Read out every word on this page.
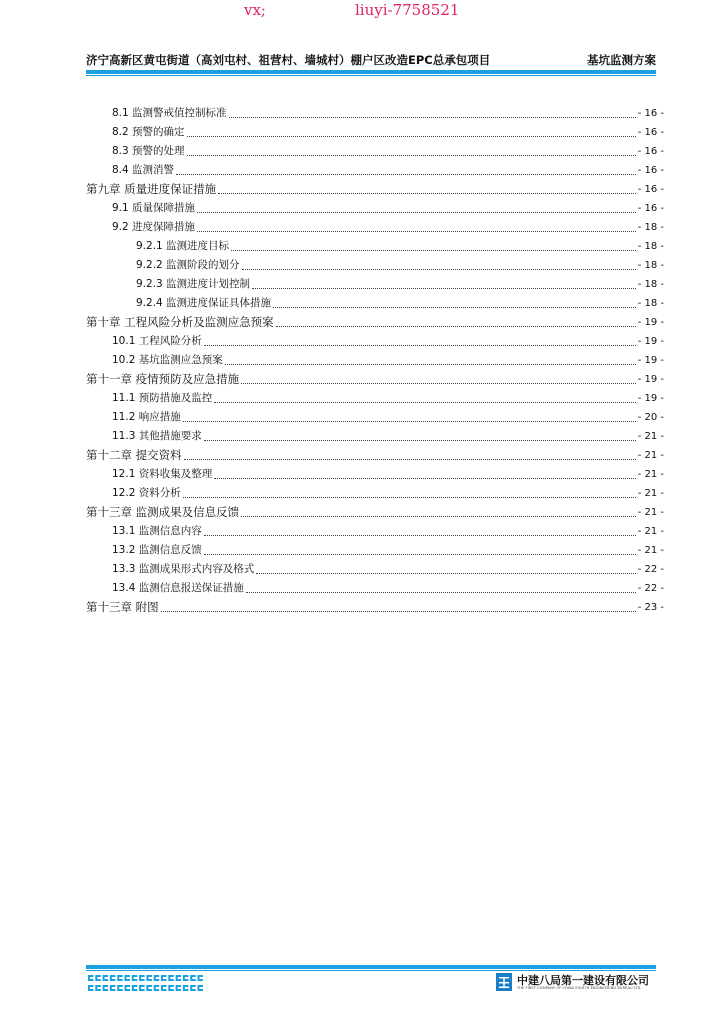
vx;	liuyi-7758521
济宁高新区黄屯街道（高刘屯村、祖营村、墙城村）棚户区改造EPC总承包项目	基坑监测方案
8.1 监测警戒值控制标准	- 16 -
8.2 预警的确定	- 16 -
8.3 预警的处理	- 16 -
8.4 监测消警	- 16 -
第九章 质量进度保证措施	- 16 -
9.1 质量保障措施	- 16 -
9.2 进度保障措施	- 18 -
9.2.1 监测进度目标	- 18 -
9.2.2 监测阶段的划分	- 18 -
9.2.3 监测进度计划控制	- 18 -
9.2.4 监测进度保证具体措施	- 18 -
第十章 工程风险分析及监测应急预案	- 19 -
10.1 工程风险分析	- 19 -
10.2 基坑监测应急预案	- 19 -
第十一章 疫情预防及应急措施	- 19 -
11.1 预防措施及监控	- 19 -
11.2 响应措施	- 20 -
11.3 其他措施要求	- 21 -
第十二章 提交资料	- 21 -
12.1 资料收集及整理	- 21 -
12.2 资料分析	- 21 -
第十三章 监测成果及信息反馈	- 21 -
13.1 监测信息内容	- 21 -
13.2 监测信息反馈	- 21 -
13.3 监测成果形式内容及格式	- 22 -
13.4 监测信息报送保证措施	- 22 -
第十三章 附图	- 23 -
中建八局第一建设有限公司
THE FIRST COMPANY OF CHINA EIGHTH ENGINEERING BUREAU LTD.
